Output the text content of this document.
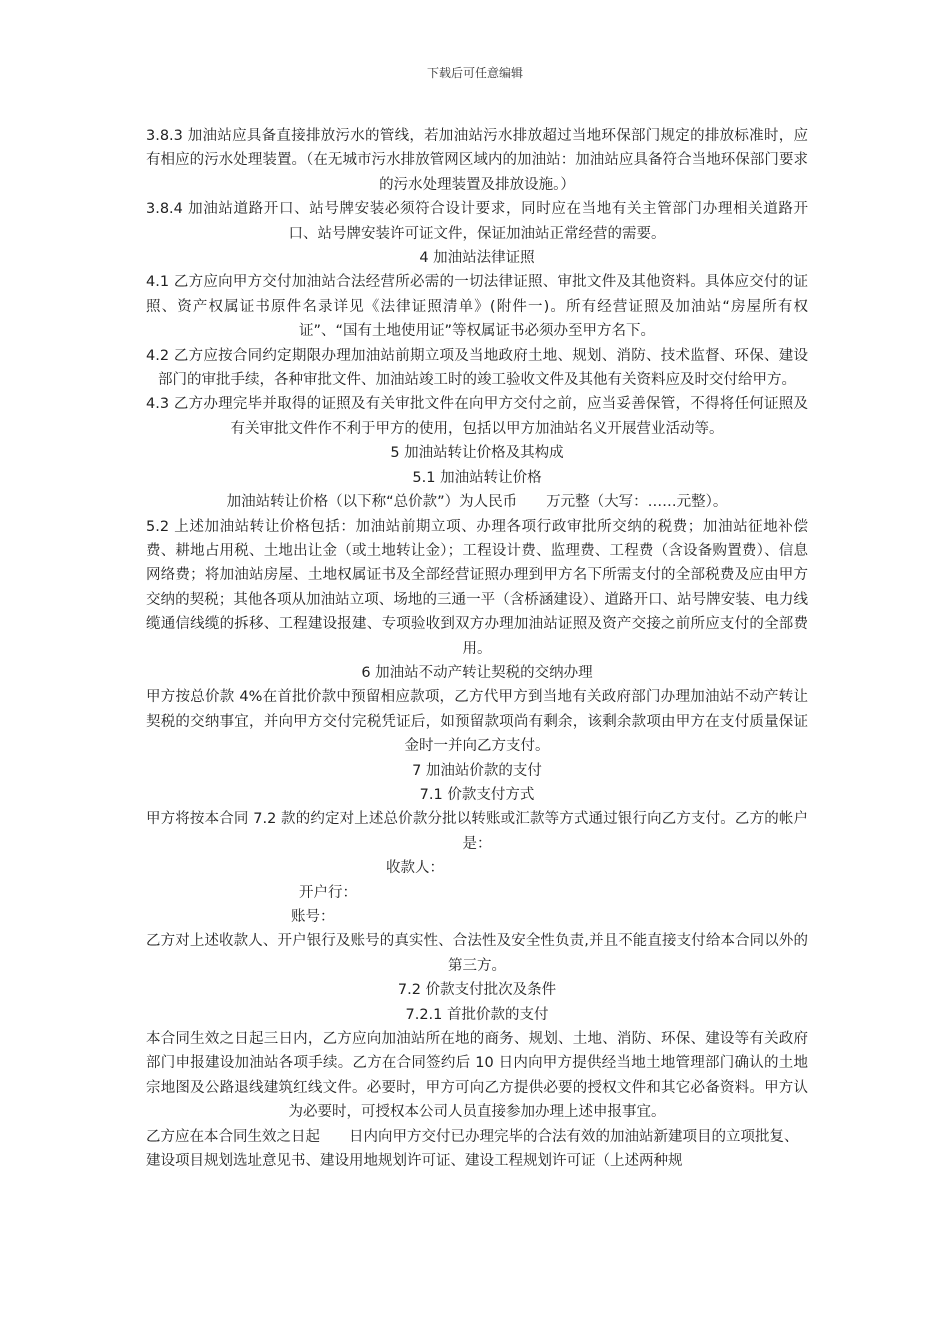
下载后可任意编辑

3.8.3 加油站应具备直接排放污水的管线，若加油站污水排放超过当地环保部门规定的排放标准时，应有相应的污水处理装置。（在无城市污水排放管网区域内的加油站：加油站应具备符合当地环保部门要求的污水处理装置及排放设施。）

3.8.4 加油站道路开口、站号牌安装必须符合设计要求，同时应在当地有关主管部门办理相关道路开口、站号牌安装许可证文件，保证加油站正常经营的需要。

4 加油站法律证照

4.1 乙方应向甲方交付加油站合法经营所必需的一切法律证照、审批文件及其他资料。具体应交付的证照、资产权属证书原件名录详见《法律证照清单》(附件一)。所有经营证照及加油站“房屋所有权证”、“国有土地使用证”等权属证书必须办至甲方名下。

4.2 乙方应按合同约定期限办理加油站前期立项及当地政府土地、规划、消防、技术监督、环保、建设部门的审批手续，各种审批文件、加油站竣工时的竣工验收文件及其他有关资料应及时交付给甲方。

4.3 乙方办理完毕并取得的证照及有关审批文件在向甲方交付之前，应当妥善保管，不得将任何证照及有关审批文件作不利于甲方的使用，包括以甲方加油站名义开展营业活动等。

5 加油站转让价格及其构成

5.1 加油站转让价格

加油站转让价格（以下称“总价款”）为人民币　　万元整（大写：……元整）。

5.2 上述加油站转让价格包括：加油站前期立项、办理各项行政审批所交纳的税费；加油站征地补偿费、耕地占用税、土地出让金（或土地转让金）；工程设计费、监理费、工程费（含设备购置费）、信息网络费；将加油站房屋、土地权属证书及全部经营证照办理到甲方名下所需支付的全部税费及应由甲方交纳的契税；其他各项从加油站立项、场地的三通一平（含桥涵建设）、道路开口、站号牌安装、电力线缆通信线缆的拆移、工程建设报建、专项验收到双方办理加油站证照及资产交接之前所应支付的全部费用。

6 加油站不动产转让契税的交纳办理

甲方按总价款 4%在首批价款中预留相应款项，乙方代甲方到当地有关政府部门办理加油站不动产转让契税的交纳事宜，并向甲方交付完税凭证后，如预留款项尚有剩余，该剩余款项由甲方在支付质量保证金时一并向乙方支付。

7 加油站价款的支付

7.1 价款支付方式

甲方将按本合同 7.2 款的约定对上述总价款分批以转账或汇款等方式通过银行向乙方支付。乙方的帐户是：

收款人：

开户行：

账号：

乙方对上述收款人、开户银行及账号的真实性、合法性及安全性负责,并且不能直接支付给本合同以外的第三方。

7.2 价款支付批次及条件

7.2.1 首批价款的支付

本合同生效之日起三日内，乙方应向加油站所在地的商务、规划、土地、消防、环保、建设等有关政府部门申报建设加油站各项手续。乙方在合同签约后 10 日内向甲方提供经当地土地管理部门确认的土地宗地图及公路退线建筑红线文件。必要时，甲方可向乙方提供必要的授权文件和其它必备资料。甲方认为必要时，可授权本公司人员直接参加办理上述申报事宜。

乙方应在本合同生效之日起　　日内向甲方交付已办理完毕的合法有效的加油站新建项目的立项批复、建设项目规划选址意见书、建设用地规划许可证、建设工程规划许可证（上述两种规
